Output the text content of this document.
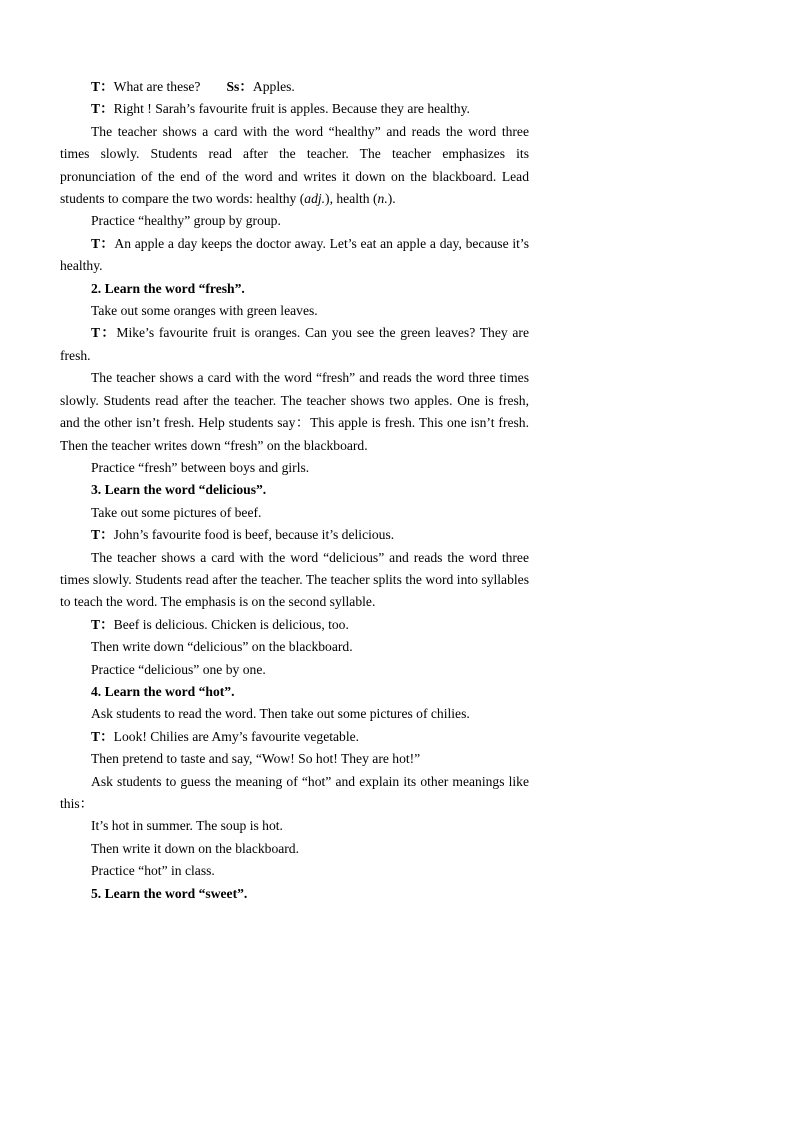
T：What are these? Ss：Apples.

T：Right ! Sarah’s favourite fruit is apples. Because they are healthy.

The teacher shows a card with the word “healthy” and reads the word three times slowly. Students read after the teacher. The teacher emphasizes its pronunciation of the end of the word and writes it down on the blackboard. Lead students to compare the two words: healthy (adj.), health (n.).

Practice “healthy” group by group.

T：An apple a day keeps the doctor away. Let’s eat an apple a day, because it’s healthy.

2. Learn the word “fresh”.

Take out some oranges with green leaves.

T：Mike’s favourite fruit is oranges. Can you see the green leaves? They are fresh.

The teacher shows a card with the word “fresh” and reads the word three times slowly. Students read after the teacher. The teacher shows two apples. One is fresh, and the other isn’t fresh. Help students say：This apple is fresh. This one isn’t fresh. Then the teacher writes down “fresh” on the blackboard.

Practice “fresh” between boys and girls.

3. Learn the word “delicious”.

Take out some pictures of beef.

T：John’s favourite food is beef, because it’s delicious.

The teacher shows a card with the word “delicious” and reads the word three times slowly. Students read after the teacher. The teacher splits the word into syllables to teach the word. The emphasis is on the second syllable.

T：Beef is delicious. Chicken is delicious, too.

Then write down “delicious” on the blackboard.

Practice “delicious” one by one.

4. Learn the word “hot”.

Ask students to read the word. Then take out some pictures of chilies.

T：Look! Chilies are Amy’s favourite vegetable.

Then pretend to taste and say, “Wow! So hot! They are hot!”

Ask students to guess the meaning of “hot” and explain its other meanings like this：

It’s hot in summer. The soup is hot.

Then write it down on the blackboard.

Practice “hot” in class.

5. Learn the word “sweet”.
